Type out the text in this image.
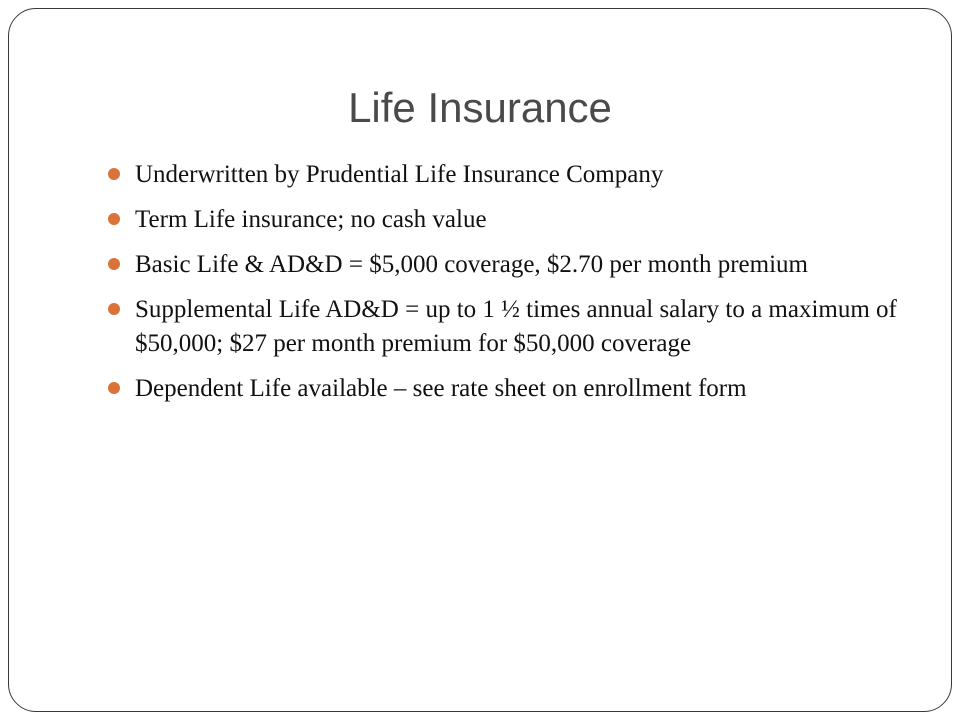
Life Insurance
Underwritten by Prudential Life Insurance Company
Term Life insurance; no cash value
Basic Life & AD&D = $5,000 coverage, $2.70 per month premium
Supplemental Life AD&D = up to 1 ½ times annual salary to a maximum of $50,000; $27 per month premium for $50,000 coverage
Dependent Life available – see rate sheet on enrollment form
